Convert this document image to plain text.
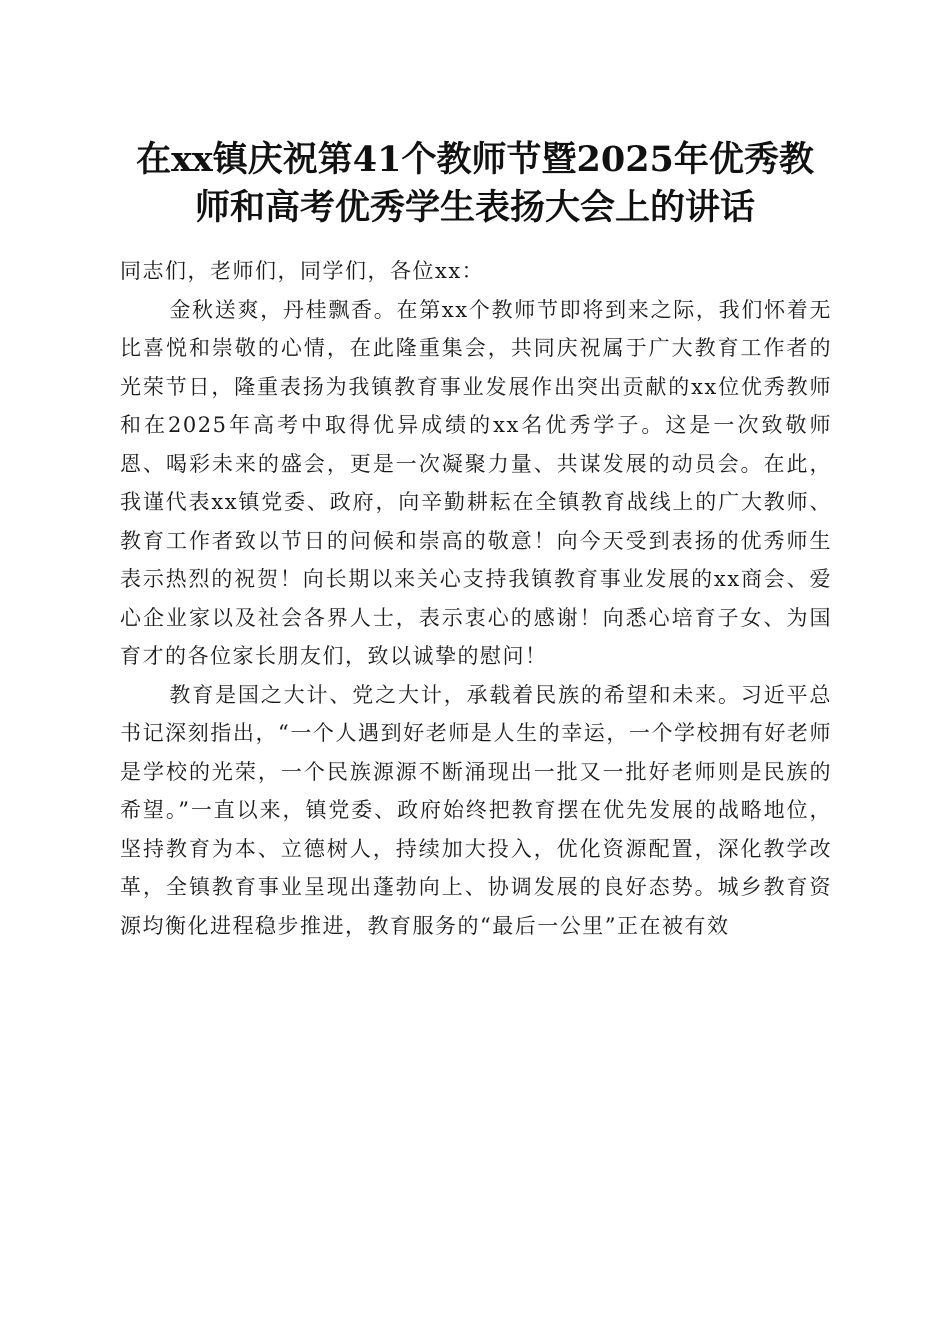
在xx镇庆祝第41个教师节暨2025年优秀教
师和高考优秀学生表扬大会上的讲话

同志们，老师们，同学们，各位xx：

金秋送爽，丹桂飘香。在第xx个教师节即将到来之际，我们怀着无比喜悦和崇敬的心情，在此隆重集会，共同庆祝属于广大教育工作者的光荣节日，隆重表扬为我镇教育事业发展作出突出贡献的xx位优秀教师和在2025年高考中取得优异成绩的xx名优秀学子。这是一次致敬师恩、喝彩未来的盛会，更是一次凝聚力量、共谋发展的动员会。在此，我谨代表xx镇党委、政府，向辛勤耕耘在全镇教育战线上的广大教师、教育工作者致以节日的问候和崇高的敬意！向今天受到表扬的优秀师生表示热烈的祝贺！向长期以来关心支持我镇教育事业发展的xx商会、爱心企业家以及社会各界人士，表示衷心的感谢！向悉心培育子女、为国育才的各位家长朋友们，致以诚挚的慰问！

教育是国之大计、党之大计，承载着民族的希望和未来。习近平总书记深刻指出，“一个人遇到好老师是人生的幸运，一个学校拥有好老师是学校的光荣，一个民族源源不断涌现出一批又一批好老师则是民族的希望。”一直以来，镇党委、政府始终把教育摆在优先发展的战略地位，坚持教育为本、立德树人，持续加大投入，优化资源配置，深化教学改革，全镇教育事业呈现出蓬勃向上、协调发展的良好态势。城乡教育资源均衡化进程稳步推进，教育服务的“最后一公里”正在被有效
